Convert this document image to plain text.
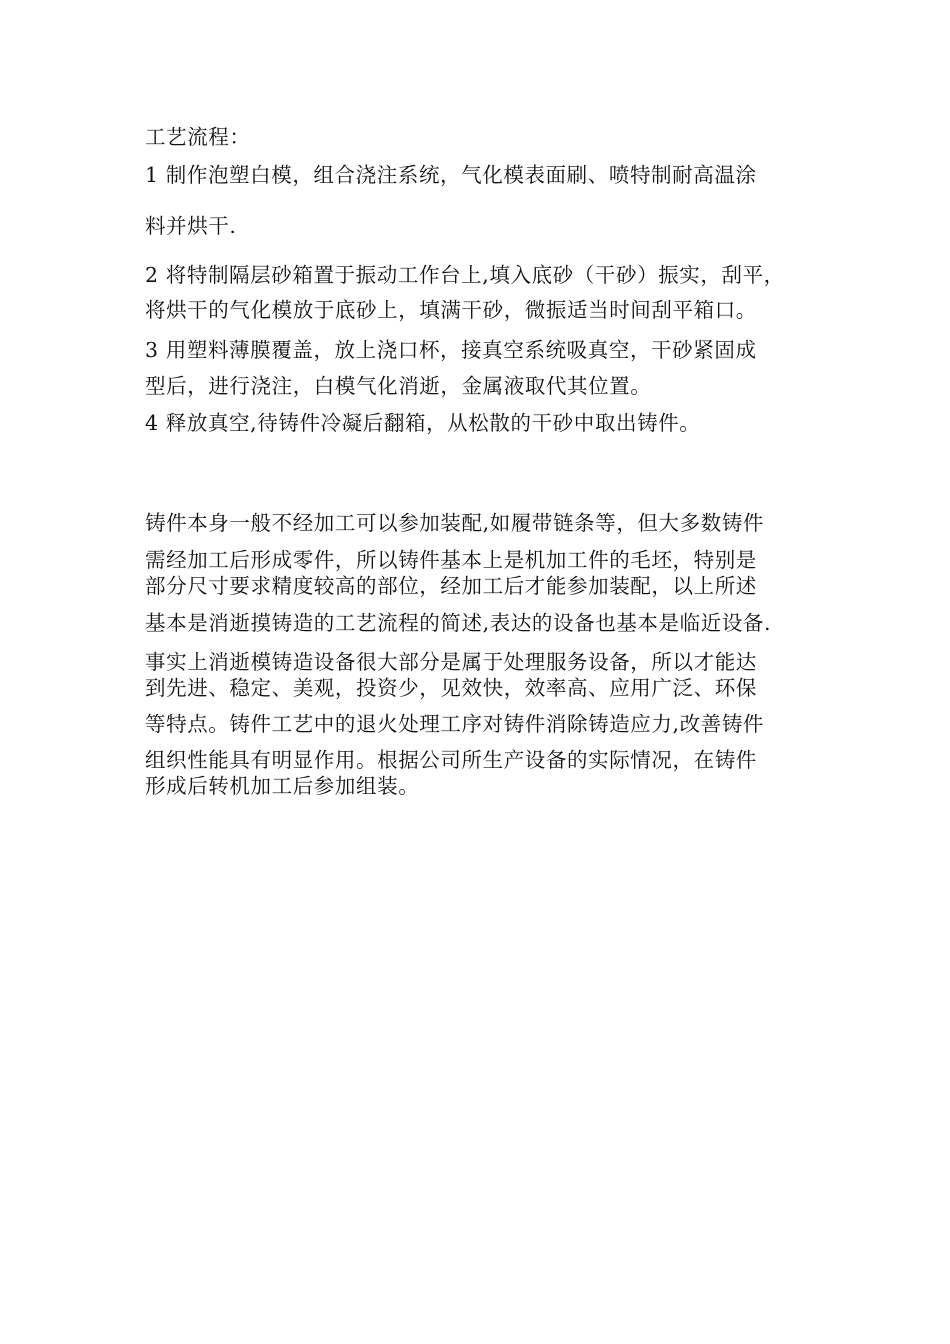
工艺流程：
1 制作泡塑白模，组合浇注系统，气化模表面刷、喷特制耐高温涂
料并烘干.
2 将特制隔层砂箱置于振动工作台上,填入底砂（干砂）振实，刮平，
将烘干的气化模放于底砂上，填满干砂，微振适当时间刮平箱口。
3 用塑料薄膜覆盖，放上浇口杯，接真空系统吸真空，干砂紧固成
型后，进行浇注，白模气化消逝，金属液取代其位置。
4 释放真空,待铸件冷凝后翻箱，从松散的干砂中取出铸件。
铸件本身一般不经加工可以参加装配,如履带链条等，但大多数铸件
需经加工后形成零件，所以铸件基本上是机加工件的毛坯，特别是
部分尺寸要求精度较高的部位，经加工后才能参加装配，以上所述
基本是消逝摸铸造的工艺流程的简述,表达的设备也基本是临近设备.
事实上消逝模铸造设备很大部分是属于处理服务设备，所以才能达
到先进、稳定、美观，投资少，见效快，效率高、应用广泛、环保
等特点。铸件工艺中的退火处理工序对铸件消除铸造应力,改善铸件
组织性能具有明显作用。根据公司所生产设备的实际情况，在铸件
形成后转机加工后参加组装。
